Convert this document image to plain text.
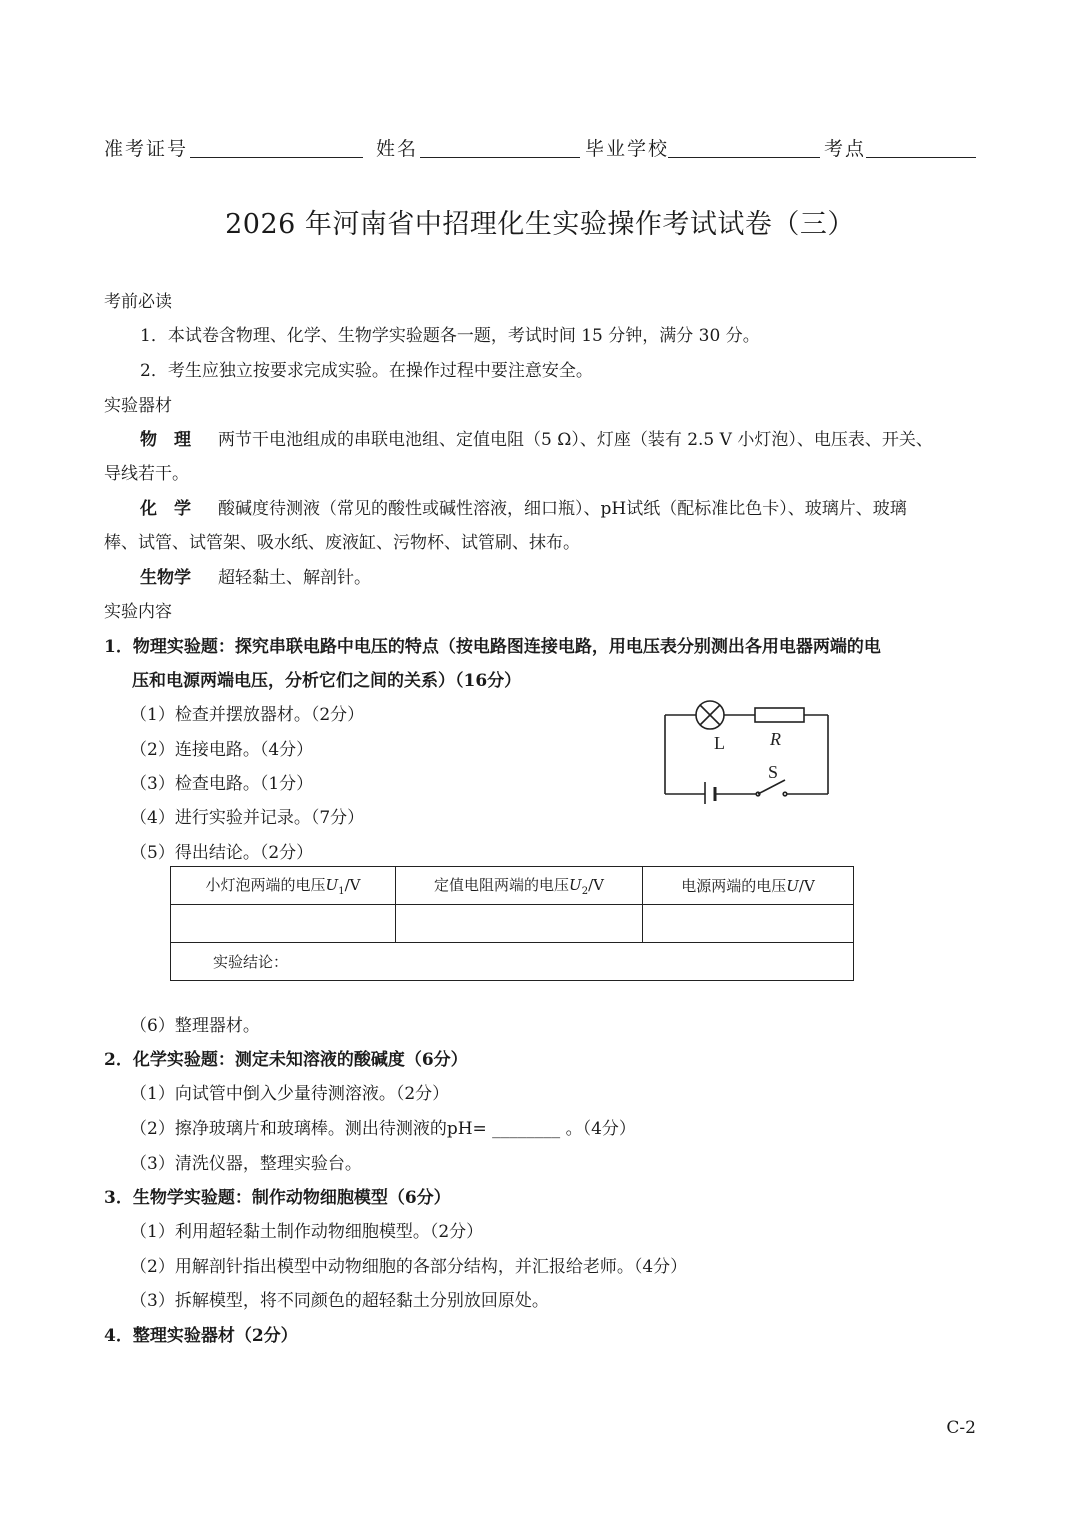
准考证号	姓名	毕业学校	考点
2026 年河南省中招理化生实验操作考试试卷（三）
考前必读
1．本试卷含物理、化学、生物学实验题各一题，考试时间 15 分钟，满分 30 分。
2．考生应独立按要求完成实验。在操作过程中要注意安全。
实验器材
物　理 两节干电池组成的串联电池组、定值电阻（5 Ω）、灯座（装有 2.5 V 小灯泡）、电压表、开关、
导线若干。
化　学 酸碱度待测液（常见的酸性或碱性溶液，细口瓶）、pH试纸（配标准比色卡）、玻璃片、玻璃
棒、试管、试管架、吸水纸、废液缸、污物杯、试管刷、抹布。
生物学 超轻黏土、解剖针。
实验内容
1．物理实验题：探究串联电路中电压的特点（按电路图连接电路，用电压表分别测出各用电器两端的电
压和电源两端电压，分析它们之间的关系）（16分）
（1）检查并摆放器材。（2分）
（2）连接电路。（4分）
（3）检查电路。（1分）
（4）进行实验并记录。（7分）
（5）得出结论。（2分）
L	R
S
小灯泡两端的电压$U_1/V$	定值电阻两端的电压$U_2/V$	电源两端的电压U/V

实验结论：		
（6）整理器材。
2．化学实验题：测定未知溶液的酸碱度（6分）
（1）向试管中倒入少量待测溶液。（2分）
（2）擦净玻璃片和玻璃棒。测出待测液的pH= ________ 。（4分）
（3）清洗仪器，整理实验台。
3．生物学实验题：制作动物细胞模型（6分）
（1）利用超轻黏土制作动物细胞模型。（2分）
（2）用解剖针指出模型中动物细胞的各部分结构，并汇报给老师。（4分）
（3）拆解模型，将不同颜色的超轻黏土分别放回原处。
4．整理实验器材（2分）
C-2
